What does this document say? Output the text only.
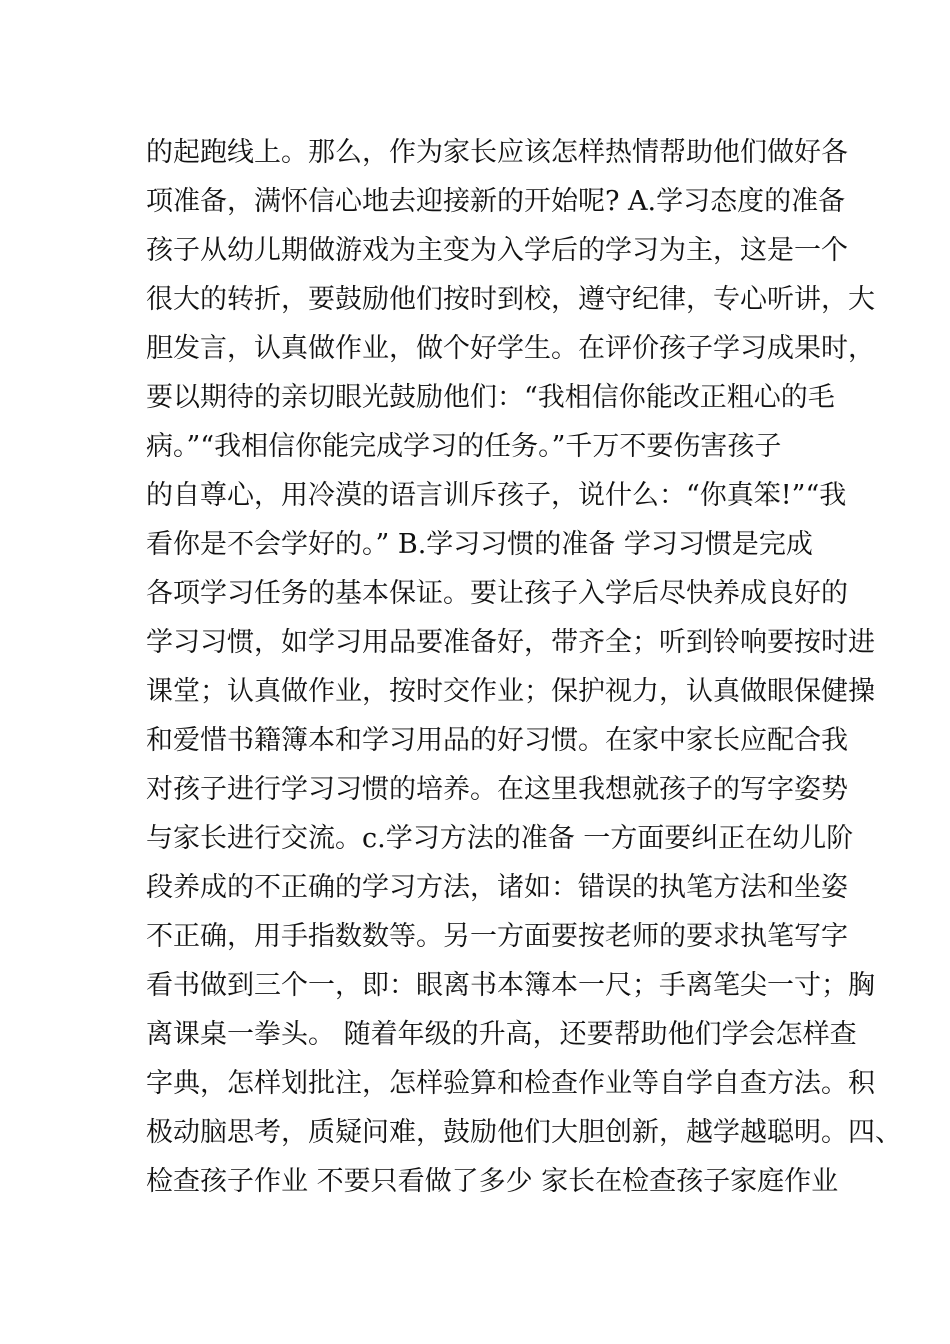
的起跑线上。那么，作为家长应该怎样热情帮助他们做好各
项准备，满怀信心地去迎接新的开始呢? A.学习态度的准备
孩子从幼儿期做游戏为主变为入学后的学习为主，这是一个
很大的转折，要鼓励他们按时到校，遵守纪律，专心听讲，大
胆发言，认真做作业，做个好学生。在评价孩子学习成果时，
要以期待的亲切眼光鼓励他们：“我相信你能改正粗心的毛
病。”“我相信你能完成学习的任务。”千万不要伤害孩子
的自尊心，用冷漠的语言训斥孩子，说什么：“你真笨!”“我
看你是不会学好的。” B.学习习惯的准备 学习习惯是完成
各项学习任务的基本保证。要让孩子入学后尽快养成良好的
学习习惯，如学习用品要准备好，带齐全；听到铃响要按时进
课堂；认真做作业，按时交作业；保护视力，认真做眼保健操
和爱惜书籍簿本和学习用品的好习惯。在家中家长应配合我
对孩子进行学习习惯的培养。在这里我想就孩子的写字姿势
与家长进行交流。c.学习方法的准备 一方面要纠正在幼儿阶
段养成的不正确的学习方法，诸如：错误的执笔方法和坐姿
不正确，用手指数数等。另一方面要按老师的要求执笔写字
看书做到三个一，即：眼离书本簿本一尺；手离笔尖一寸；胸
离课桌一拳头。 随着年级的升高，还要帮助他们学会怎样查
字典，怎样划批注，怎样验算和检查作业等自学自查方法。积
极动脑思考，质疑问难，鼓励他们大胆创新，越学越聪明。四、
检查孩子作业 不要只看做了多少 家长在检查孩子家庭作业
